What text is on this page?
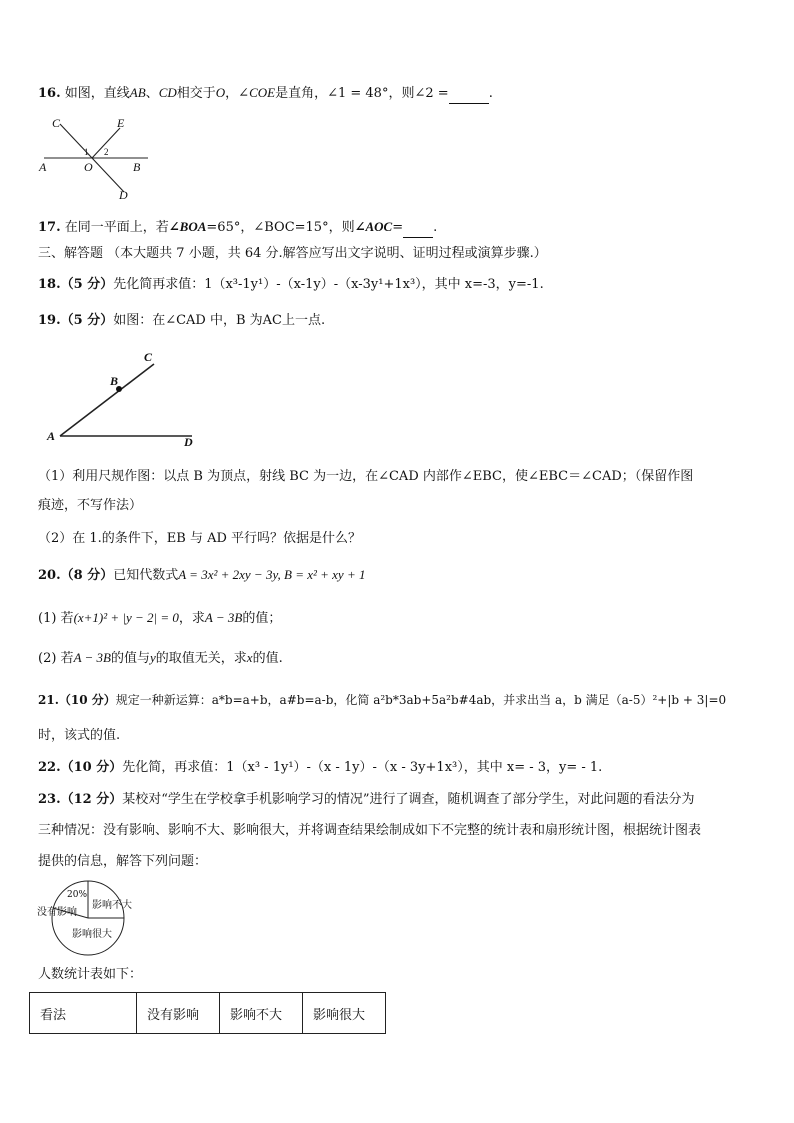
16. 如图，直线AB、CD相交于O，∠COE是直角，∠1 = 48°，则∠2 =	.
C	E
1 2
A	O	B
D
17. 在同一平面上，若∠BOA=65°，∠BOC=15°，则∠AOC= .
三、解答题 （本大题共 7 小题，共 64 分.解答应写出文字说明、证明过程或演算步骤.）
18.（5 分）先化简再求值：1（x³-1y¹）-（x-1y）-（x-3y¹+1x³），其中 x=-3，y=-1.
19.（5 分）如图：在∠CAD 中，B 为AC上一点.
C
B
A	D
（1）利用尺规作图：以点 B 为顶点，射线 BC 为一边，在∠CAD 内部作∠EBC，使∠EBC＝∠CAD；（保留作图
痕迹，不写作法）
（2）在 1.的条件下，EB 与 AD 平行吗？依据是什么？
20.（8 分）已知代数式A = 3x² + 2xy − 3y, B = x² + xy + 1
(1) 若(x+1)² + |y − 2| = 0，求A − 3B的值；
(2) 若A − 3B的值与y的取值无关，求x的值.
21.（10 分）规定一种新运算：a*b=a+b，a#b=a-b，化简 a²b*3ab+5a²b#4ab，并求出当 a，b 满足（a-5）²+|b + 3|=0
时，该式的值.
22.（10 分）先化简，再求值：1（x³ - 1y¹）-（x - 1y）-（x - 3y+1x³），其中 x= - 3，y= - 1.
23.（12 分）某校对“学生在学校拿手机影响学习的情况”进行了调查，随机调查了部分学生，对此问题的看法分为
三种情况：没有影响、影响不大、影响很大，并将调查结果绘制成如下不完整的统计表和扇形统计图，根据统计图表
提供的信息，解答下列问题：
20%
没有影响
影响不大
影响很大
人数统计表如下：
看法	没有影响	影响不大	影响很大
